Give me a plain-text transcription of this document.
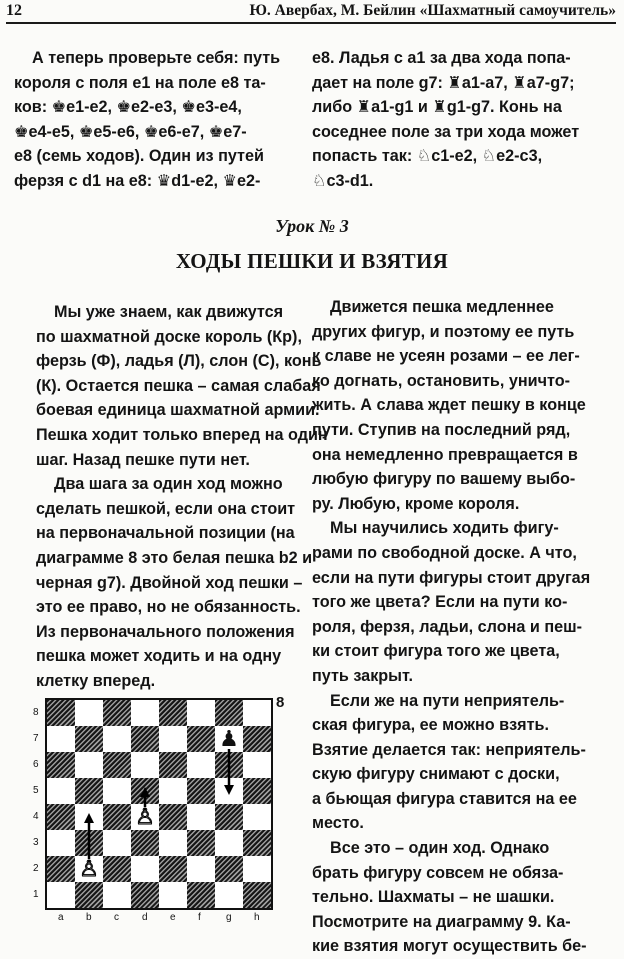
12	Ю. Авербах, М. Бейлин «Шахматный самоучитель»
А теперь проверьте себя: путь
короля с поля e1 на поле e8 та-
ков: ♚e1-e2, ♚e2-e3, ♚e3-e4,
♚e4-e5, ♚e5-e6, ♚e6-e7, ♚e7-
e8 (семь ходов). Один из путей
ферзя с d1 на e8: ♛d1-e2, ♛e2-
e8. Ладья с a1 за два хода попа-
дает на поле g7: ♜a1-a7, ♜a7-g7;
либо ♜a1-g1 и ♜g1-g7. Конь на
соседнее поле за три хода может
попасть так: ♘c1-e2, ♘e2-c3,
♘c3-d1.
Урок № 3
ХОДЫ ПЕШКИ И ВЗЯТИЯ
Мы уже знаем, как движутся
по шахматной доске король (Кр),
ферзь (Ф), ладья (Л), слон (С), конь
(К). Остается пешка – самая слабая
боевая единица шахматной армии.
Пешка ходит только вперед на один
шаг. Назад пешке пути нет.
Два шага за один ход можно
сделать пешкой, если она стоит
на первоначальной позиции (на
диаграмме 8 это белая пешка b2 и
черная g7). Двойной ход пешки –
это ее право, но не обязанность.
Из первоначального положения
пешка может ходить и на одну
клетку вперед.
Движется пешка медленнее
других фигур, и поэтому ее путь
к славе не усеян розами – ее лег-
ко догнать, остановить, уничто-
жить. А слава ждет пешку в конце
пути. Ступив на последний ряд,
она немедленно превращается в
любую фигуру по вашему выбо-
ру. Любую, кроме короля.
Мы научились ходить фигу-
рами по свободной доске. А что,
если на пути фигуры стоит другая
того же цвета? Если на пути ко-
роля, ферзя, ладьи, слона и пеш-
ки стоит фигура того же цвета,
путь закрыт.
Если же на пути неприятель-
ская фигура, ее можно взять.
Взятие делается так: неприятель-
скую фигуру снимают с доски,
а бьющая фигура ставится на ее
место.
Все это – один ход. Однако
брать фигуру совсем не обяза-
тельно. Шахматы – не шашки.
Посмотрите на диаграмму 9. Ка-
кие взятия могут осуществить бе-
8
♟
♙
♙
8
7
6
5
4
3
2
1
a b c d e f	g h
